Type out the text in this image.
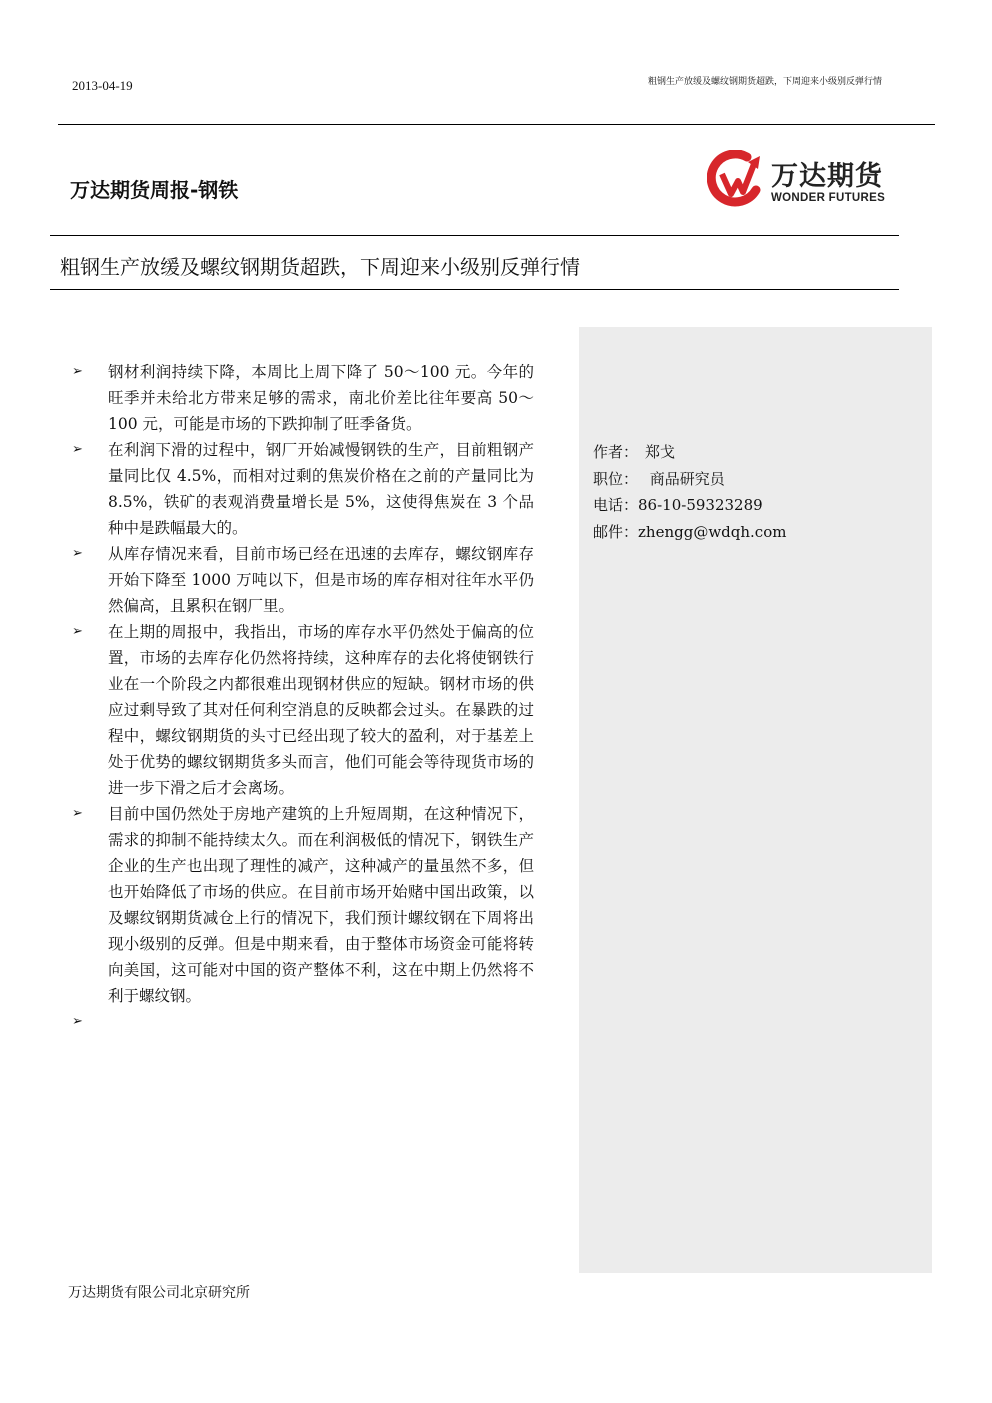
2013-04-19	粗钢生产放缓及螺纹钢期货超跌，下周迎来小级别反弹行情
万达期货周报-钢铁	万达期货
WONDER FUTURES
粗钢生产放缓及螺纹钢期货超跌，下周迎来小级别反弹行情
➢ 钢材利润持续下降，本周比上周下降了 50～100 元。今年的旺季并未给北方带来足够的需求，南北价差比往年要高 50～100 元，可能是市场的下跌抑制了旺季备货。
➢ 在利润下滑的过程中，钢厂开始减慢钢铁的生产，目前粗钢产量同比仅 4.5%，而相对过剩的焦炭价格在之前的产量同比为 8.5%，铁矿的表观消费量增长是 5%，这使得焦炭在 3 个品种中是跌幅最大的。
➢ 从库存情况来看，目前市场已经在迅速的去库存，螺纹钢库存开始下降至 1000 万吨以下，但是市场的库存相对往年水平仍然偏高，且累积在钢厂里。
➢ 在上期的周报中，我指出，市场的库存水平仍然处于偏高的位置，市场的去库存化仍然将持续，这种库存的去化将使钢铁行业在一个阶段之内都很难出现钢材供应的短缺。钢材市场的供应过剩导致了其对任何利空消息的反映都会过头。在暴跌的过程中，螺纹钢期货的头寸已经出现了较大的盈利，对于基差上处于优势的螺纹钢期货多头而言，他们可能会等待现货市场的进一步下滑之后才会离场。
➢ 目前中国仍然处于房地产建筑的上升短周期，在这种情况下，需求的抑制不能持续太久。而在利润极低的情况下，钢铁生产企业的生产也出现了理性的减产，这种减产的量虽然不多，但也开始降低了市场的供应。在目前市场开始赌中国出政策，以及螺纹钢期货减仓上行的情况下，我们预计螺纹钢在下周将出现小级别的反弹。但是中期来看，由于整体市场资金可能将转向美国，这可能对中国的资产整体不利，这在中期上仍然将不利于螺纹钢。
➢
作者： 郑戈
职位： 商品研究员
电话：86-10-59323289
邮件：zhengg@wdqh.com
万达期货有限公司北京研究所
